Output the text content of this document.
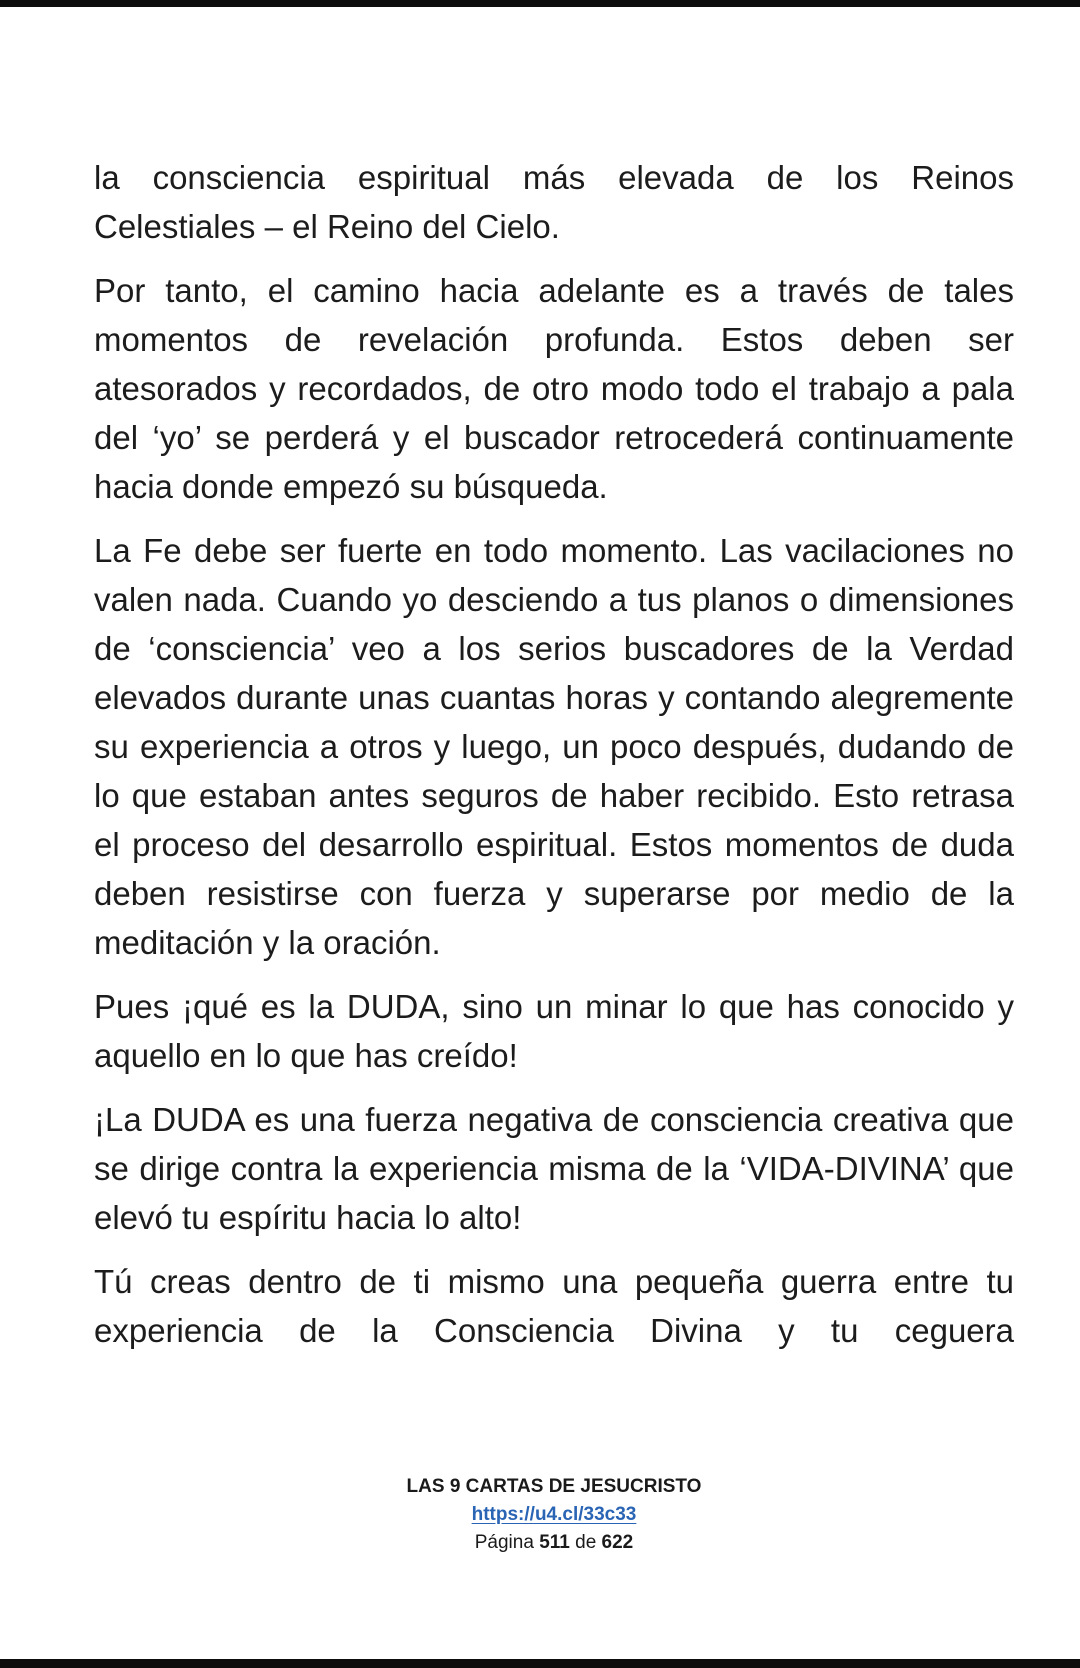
la consciencia espiritual más elevada de los Reinos Celestiales – el Reino del Cielo.

Por tanto, el camino hacia adelante es a través de tales momentos de revelación profunda. Estos deben ser atesorados y recordados, de otro modo todo el trabajo a pala del ‘yo’ se perderá y el buscador retrocederá continuamente hacia donde empezó su búsqueda.

La Fe debe ser fuerte en todo momento. Las vacilaciones no valen nada. Cuando yo desciendo a tus planos o dimensiones de ‘consciencia’ veo a los serios buscadores de la Verdad elevados durante unas cuantas horas y contando alegremente su experiencia a otros y luego, un poco después, dudando de lo que estaban antes seguros de haber recibido. Esto retrasa el proceso del desarrollo espiritual. Estos momentos de duda deben resistirse con fuerza y superarse por medio de la meditación y la oración.

Pues ¡qué es la DUDA, sino un minar lo que has conocido y aquello en lo que has creído!

¡La DUDA es una fuerza negativa de consciencia creativa que se dirige contra la experiencia misma de la ‘VIDA-DIVINA’ que elevó tu espíritu hacia lo alto!

Tú creas dentro de ti mismo una pequeña guerra entre tu experiencia de la Consciencia Divina y tu ceguera

LAS 9 CARTAS DE JESUCRISTO
https://u4.cl/33c33
Página 511 de 622
